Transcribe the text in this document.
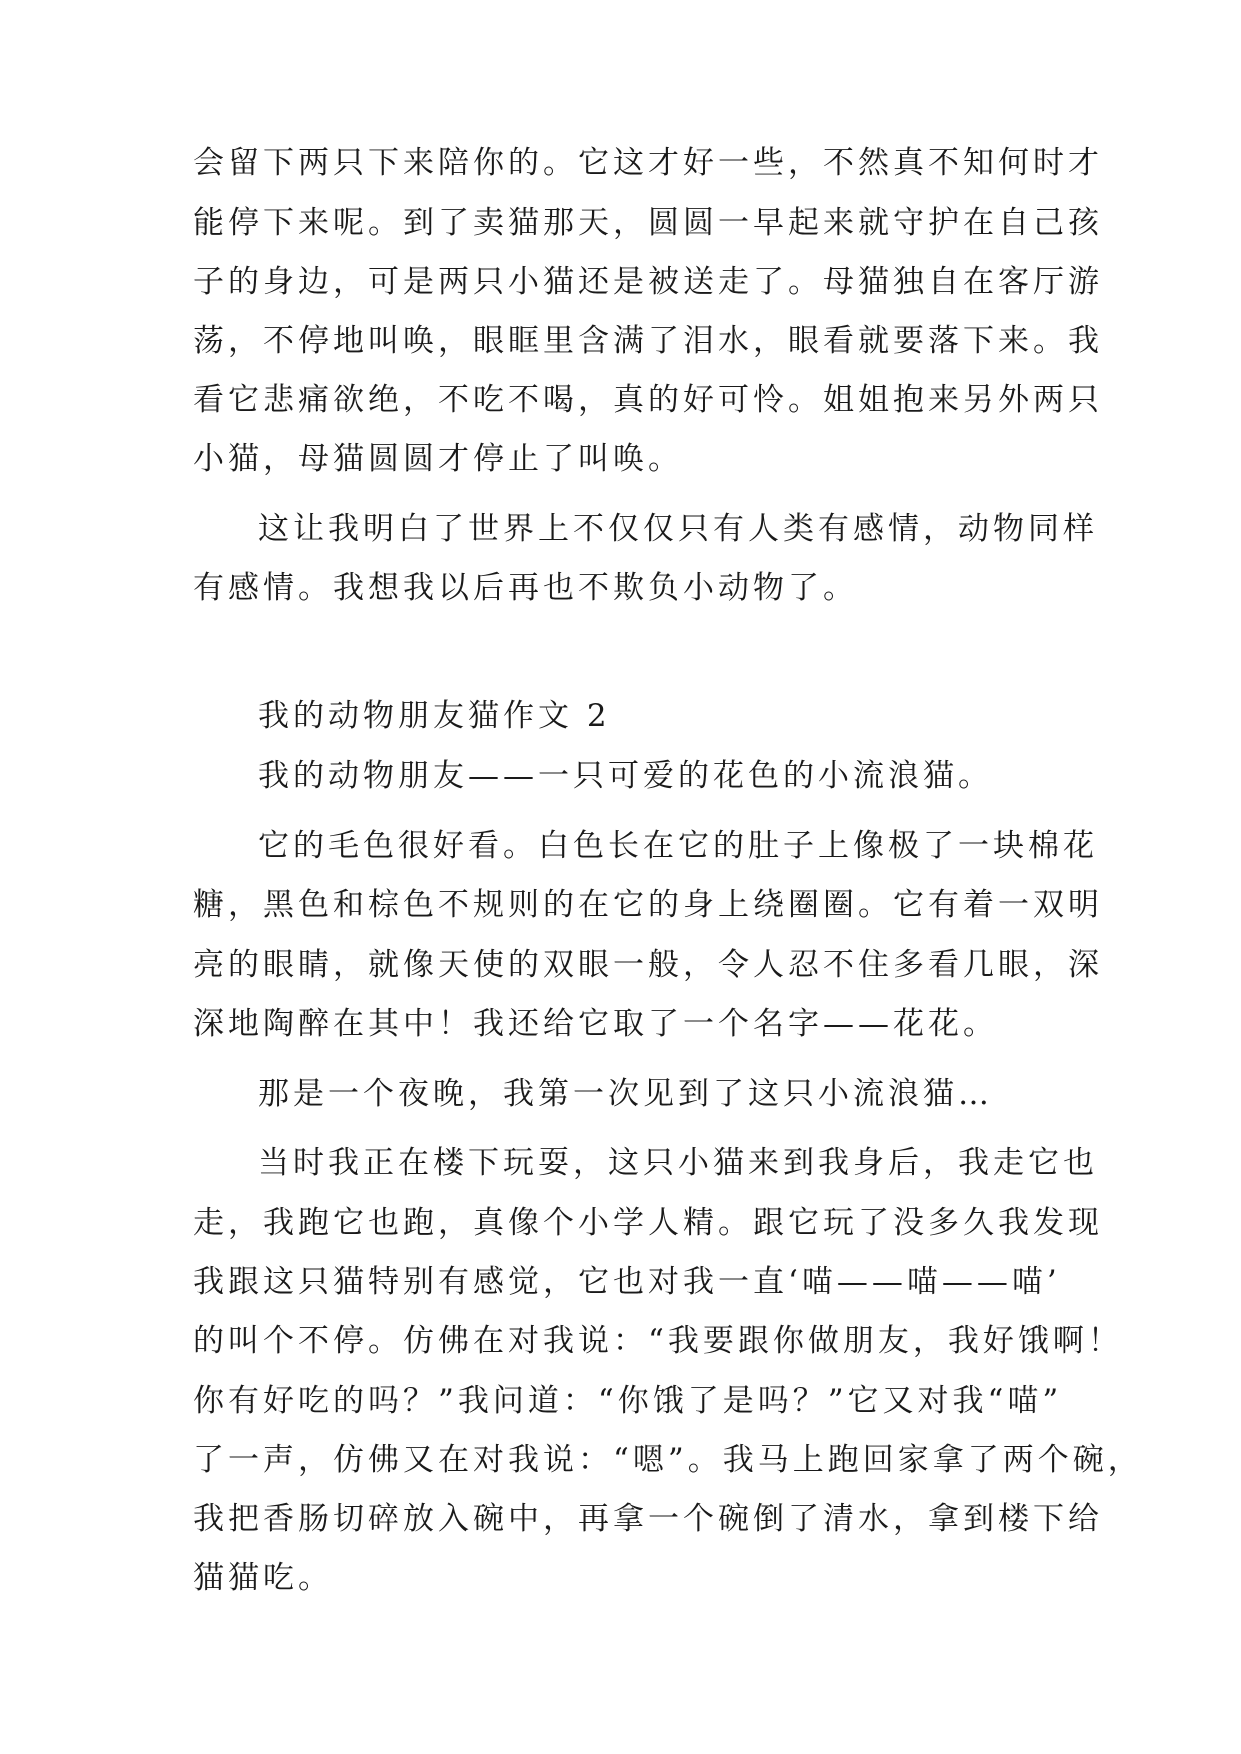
会留下两只下来陪你的。它这才好一些，不然真不知何时才

能停下来呢。到了卖猫那天，圆圆一早起来就守护在自己孩

子的身边，可是两只小猫还是被送走了。母猫独自在客厅游

荡，不停地叫唤，眼眶里含满了泪水，眼看就要落下来。我

看它悲痛欲绝，不吃不喝，真的好可怜。姐姐抱来另外两只

小猫，母猫圆圆才停止了叫唤。

这让我明白了世界上不仅仅只有人类有感情，动物同样

有感情。我想我以后再也不欺负小动物了。

我的动物朋友猫作文 2

我的动物朋友——一只可爱的花色的小流浪猫。

它的毛色很好看。白色长在它的肚子上像极了一块棉花

糖，黑色和棕色不规则的在它的身上绕圈圈。它有着一双明

亮的眼睛，就像天使的双眼一般，令人忍不住多看几眼，深

深地陶醉在其中！我还给它取了一个名字——花花。

那是一个夜晚，我第一次见到了这只小流浪猫…

当时我正在楼下玩耍，这只小猫来到我身后，我走它也

走，我跑它也跑，真像个小学人精。跟它玩了没多久我发现

我跟这只猫特别有感觉，它也对我一直‘喵——喵——喵’

的叫个不停。仿佛在对我说：“我要跟你做朋友，我好饿啊！

你有好吃的吗？”我问道：“你饿了是吗？”它又对我“喵”

了一声，仿佛又在对我说：“嗯”。我马上跑回家拿了两个碗，

我把香肠切碎放入碗中，再拿一个碗倒了清水，拿到楼下给

猫猫吃。
